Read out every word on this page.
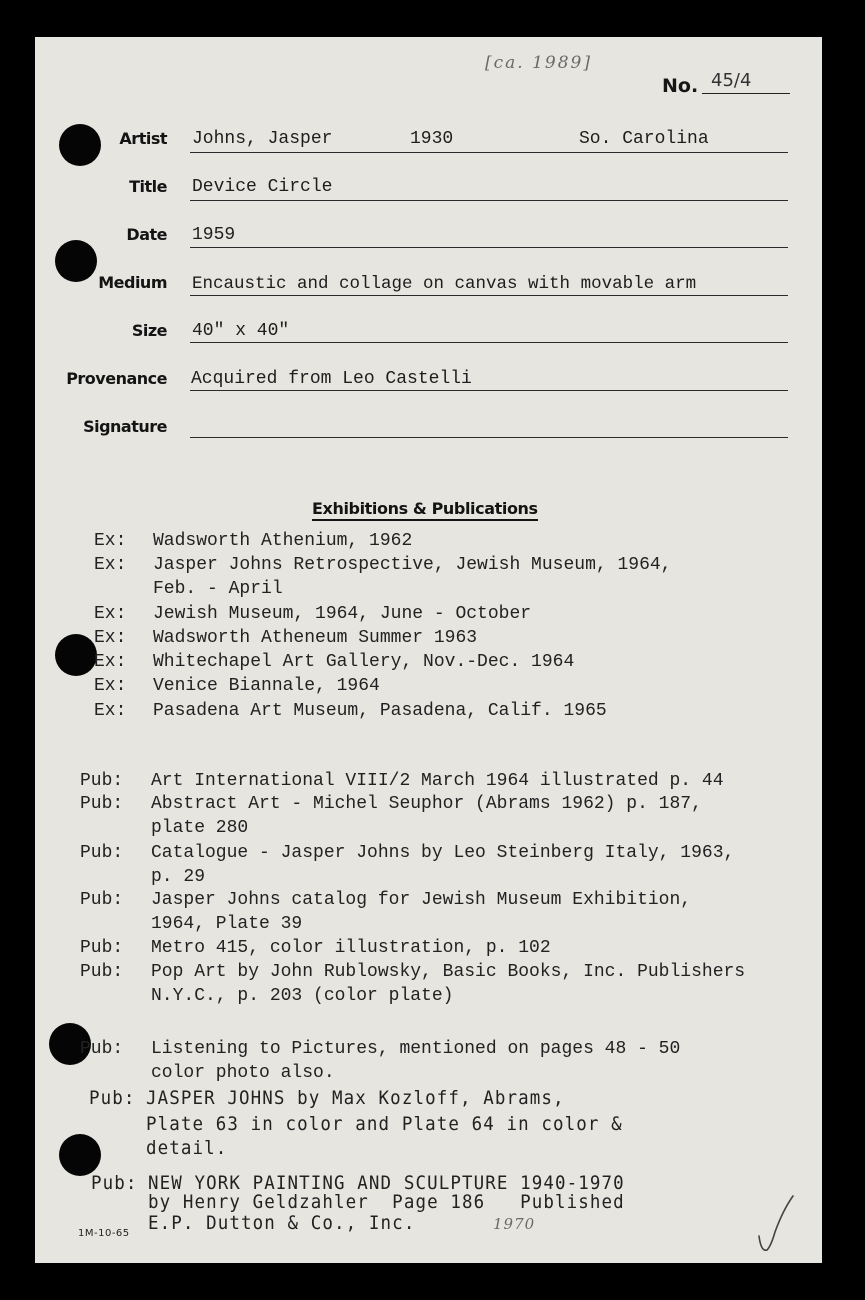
[ca. 1989]
No. 45/4
Artist Johns, Jasper	1930	So. Carolina
Title Device Circle
Date 1959
Medium Encaustic and collage on canvas with movable arm
Size 40" x 40"
Provenance Acquired from Leo Castelli
Signature
Exhibitions & Publications
Ex: Wadsworth Athenium, 1962
Ex: Jasper Johns Retrospective, Jewish Museum, 1964,
Feb. - April
Ex: Jewish Museum, 1964, June - October
Ex: Wadsworth Atheneum Summer 1963
Ex: Whitechapel Art Gallery, Nov.-Dec. 1964
Ex: Venice Biannale, 1964
Ex: Pasadena Art Museum, Pasadena, Calif. 1965
Pub: Art International VIII/2 March 1964 illustrated p. 44
Pub: Abstract Art - Michel Seuphor (Abrams 1962) p. 187,
plate 280
Pub: Catalogue - Jasper Johns by Leo Steinberg Italy, 1963,
p. 29
Pub: Jasper Johns catalog for Jewish Museum Exhibition,
1964, Plate 39
Pub: Metro 415, color illustration, p. 102
Pub: Pop Art by John Rublowsky, Basic Books, Inc. Publishers
N.Y.C., p. 203 (color plate)
Pub: Listening to Pictures, mentioned on pages 48 - 50
color photo also.
Pub: JASPER JOHNS by Max Kozloff, Abrams,
Plate 63 in color and Plate 64 in color &
detail.
Pub: NEW YORK PAINTING AND SCULPTURE 1940-1970
by Henry Geldzahler  Page 186   Published
E.P. Dutton & Co., Inc.	1970
1M-10-65
